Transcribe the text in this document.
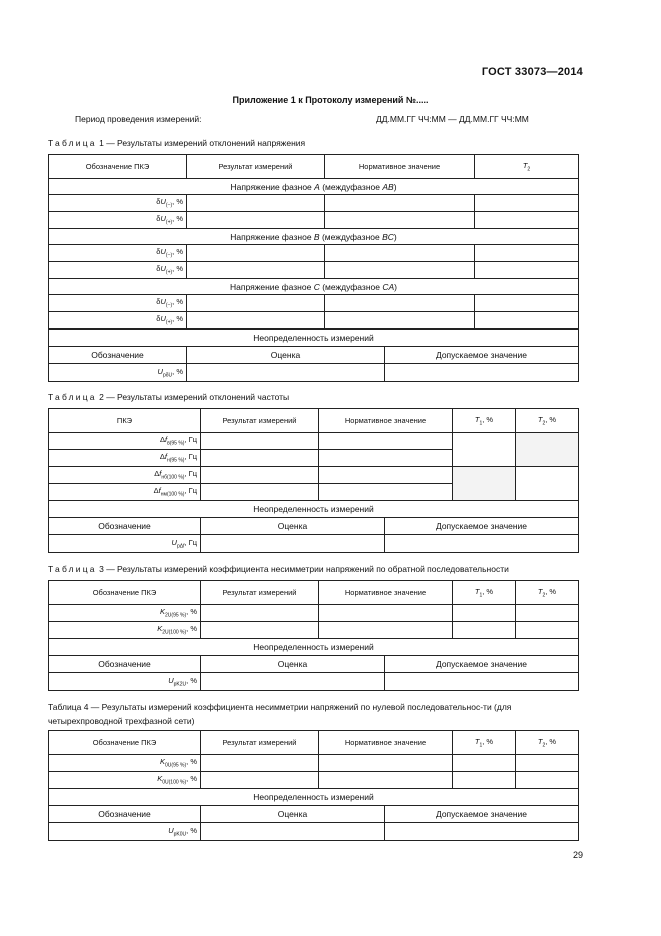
ГОСТ 33073—2014
Приложение 1 к Протоколу измерений №.....
Период проведения измерений:	ДД.ММ.ГГ ЧЧ:ММ — ДД.ММ.ГГ ЧЧ:ММ
Таблица 1 — Результаты измерений отклонений напряжения
Обозначение ПКЭ	Результат измерений	Нормативное значение	$T_2$
Напряжение фазное A (междуфазное AB)			
$\delta U_{(-)}$, %			
$\delta U_{(+)}$, %			
Напряжение фазное B (междуфазное BC)			
$\delta U_{(-)}$, %			
$\delta U_{(+)}$, %			
Напряжение фазное C (междуфазное CA)			
$\delta U_{(-)}$, %			
$\delta U_{(+)}$, %			
Неопределенность измерений		
Обозначение	Оценка	Допускаемое значение
$U_{p\delta U}$, %		
Таблица 2 — Результаты измерений отклонений частоты
ПКЭ	Результат измерений	Нормативное значение	$T_1$, %	$T_2$, %
$\Delta f_{в(95 \%)}$, Гц				
$\Delta f_{н(95 \%)}$, Гц				
$\Delta f_{нб(100 \%)}$, Гц				
$\Delta f_{нм(100 \%)}$, Гц				
Неопределенность измерений		
Обозначение	Оценка	Допускаемое значение
$U_{p\Delta f}$, Гц		
Таблица 3 — Результаты измерений коэффициента несимметрии напряжений по обратной последовательности
Обозначение ПКЭ	Результат измерений	Нормативное значение	$T_1$, %	$T_2$, %
$K_{2U(95 \%)}$, %				
$K_{2U(100 \%)}$, %				
Неопределенность измерений		
Обозначение	Оценка	Допускаемое значение
$U_{pK2U}$, %		
Таблица 4 — Результаты измерений коэффициента несимметрии напряжений по нулевой последовательнос-ти (для четырехпроводной трехфазной сети)
Обозначение ПКЭ	Результат измерений	Нормативное значение	$T_1$, %	$T_2$, %
$K_{0U(95 \%)}$, %				
$K_{0U(100 \%)}$, %				
Неопределенность измерений		
Обозначение	Оценка	Допускаемое значение
$U_{pK0U}$, %		
29
